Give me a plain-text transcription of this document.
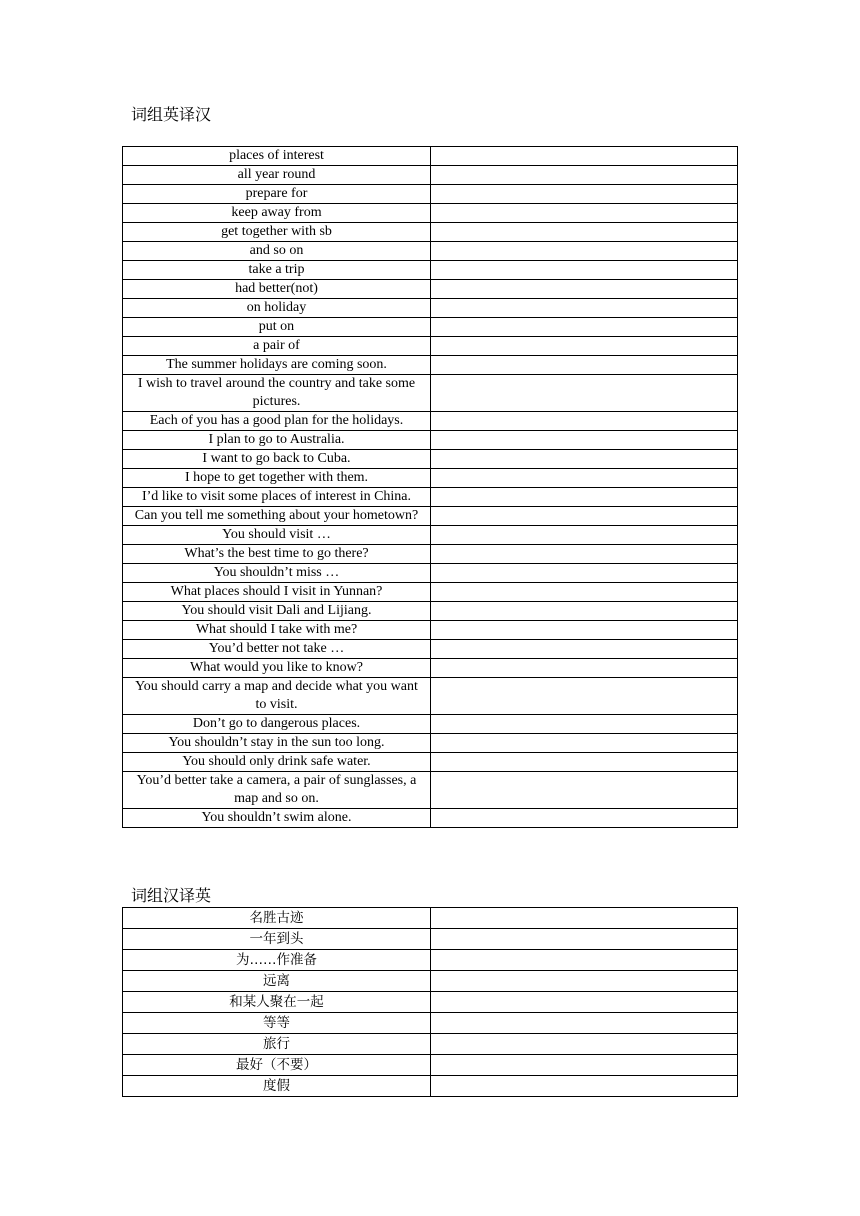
词组英译汉
places of interest	
all year round	
prepare for	
keep away from	
get together with sb	
and so on	
take a trip	
had better(not)	
on holiday	
put on	
a pair of	
The summer holidays are coming soon.	
I wish to travel around the country and take some pictures.	
Each of you has a good plan for the holidays.	
I plan to go to Australia.	
I want to go back to Cuba.	
I hope to get together with them.	
I’d like to visit some places of interest in China.	
Can you tell me something about your hometown?	
You should visit …	
What’s the best time to go there?	
You shouldn’t miss …	
What places should I visit in Yunnan?	
You should visit Dali and Lijiang.	
What should I take with me?	
You’d better not take …	
What would you like to know?	
You should carry a map and decide what you want to visit.	
Don’t go to dangerous places.	
You shouldn’t stay in the sun too long.	
You should only drink safe water.	
You’d better take a camera, a pair of sunglasses, a map and so on.	
You shouldn’t swim alone.	
词组汉译英
名胜古迹	
一年到头	
为……作准备	
远离	
和某人聚在一起	
等等	
旅行	
最好（不要）	
度假	
